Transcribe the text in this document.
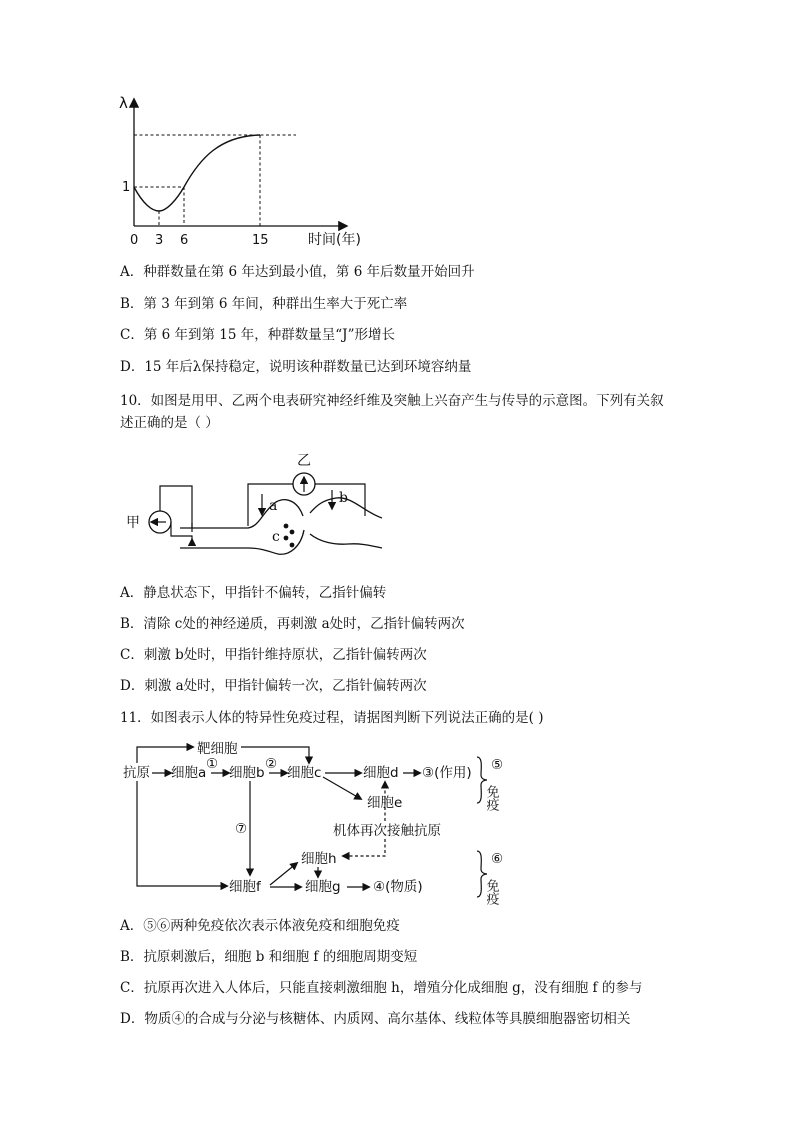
λ
1
0 3 6	15	时间(年)
A．种群数量在第 6 年达到最小值，第 6 年后数量开始回升
B．第 3 年到第 6 年间，种群出生率大于死亡率
C．第 6 年到第 15 年，种群数量呈“J”形增长
D．15 年后λ保持稳定，说明该种群数量已达到环境容纳量
10．如图是用甲、乙两个电表研究神经纤维及突触上兴奋产生与传导的示意图。下列有关叙
述正确的是（ ）
c
甲
乙
a	b
A．静息状态下，甲指针不偏转，乙指针偏转
B．清除 c处的神经递质，再刺激 a处时，乙指针偏转两次
C．刺激 b处时，甲指针维持原状，乙指针偏转两次
D．刺激 a处时，甲指针偏转一次，乙指针偏转两次
11．如图表示人体的特异性免疫过程，请据图判断下列说法正确的是( )
抗原 细胞a 细胞b 细胞c	细胞d ③(作用)
细胞e
靶细胞
①	②
⑦	机体再次接触抗原
细胞h
细胞f	细胞g ④(物质)
⑤
免疫
⑥
免疫
A．⑤⑥两种免疫依次表示体液免疫和细胞免疫
B．抗原刺激后，细胞 b 和细胞 f 的细胞周期变短
C．抗原再次进入人体后，只能直接刺激细胞 h，增殖分化成细胞 g，没有细胞 f 的参与
D．物质④的合成与分泌与核糖体、内质网、高尔基体、线粒体等具膜细胞器密切相关
